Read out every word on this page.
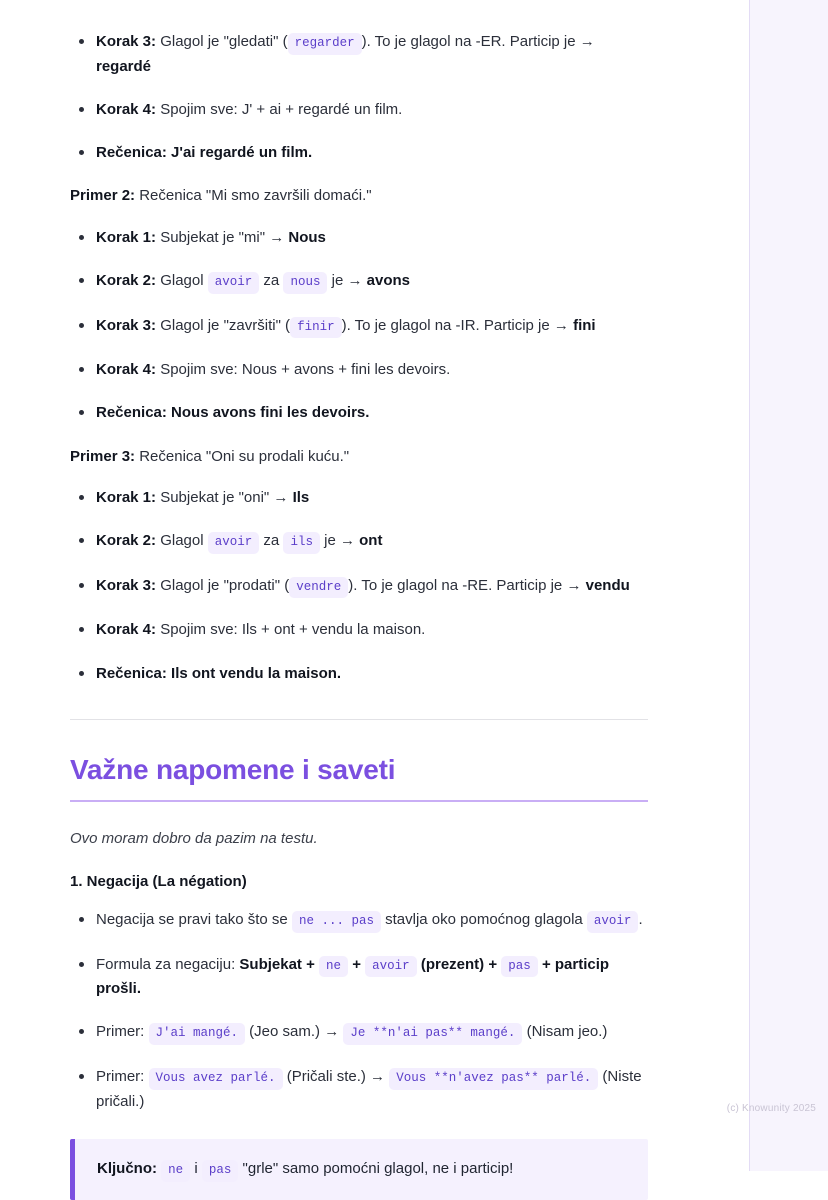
(c) Knowunity 2025
Korak 3: Glagol je "gledati" ( regarder ). To je glagol na -ER. Particip je → regardé
Korak 4: Spojim sve: J' + ai + regardé un film.
Rečenica: J'ai regardé un film.

Primer 2: Rečenica "Mi smo završili domaći."

Korak 1: Subjekat je "mi" → Nous
Korak 2: Glagol avoir za nous je → avons
Korak 3: Glagol je "završiti" ( finir ). To je glagol na -IR. Particip je → fini
Korak 4: Spojim sve: Nous + avons + fini les devoirs.
Rečenica: Nous avons fini les devoirs.

Primer 3: Rečenica "Oni su prodali kuću."

Korak 1: Subjekat je "oni" → Ils
Korak 2: Glagol avoir za ils je → ont
Korak 3: Glagol je "prodati" ( vendre ). To je glagol na -RE. Particip je → vendu
Korak 4: Spojim sve: Ils + ont + vendu la maison.
Rečenica: Ils ont vendu la maison.
Važne napomene i saveti

Ovo moram dobro da pazim na testu.

1. Negacija (La négation)
Negacija se pravi tako što se ne ... pas stavlja oko pomoćnog glagola avoir .
Formula za negaciju: Subjekat + ne + avoir (prezent) + pas + particip prošli.
Primer: J'ai mangé. (Jeo sam.) → Je **n'ai pas** mangé. (Nisam jeo.)
Primer: Vous avez parlé. (Pričali ste.) → Vous **n'avez pas** parlé. (Niste pričali.)
Ključno: ne i pas "grle" samo pomoćni glagol, ne i particip!
